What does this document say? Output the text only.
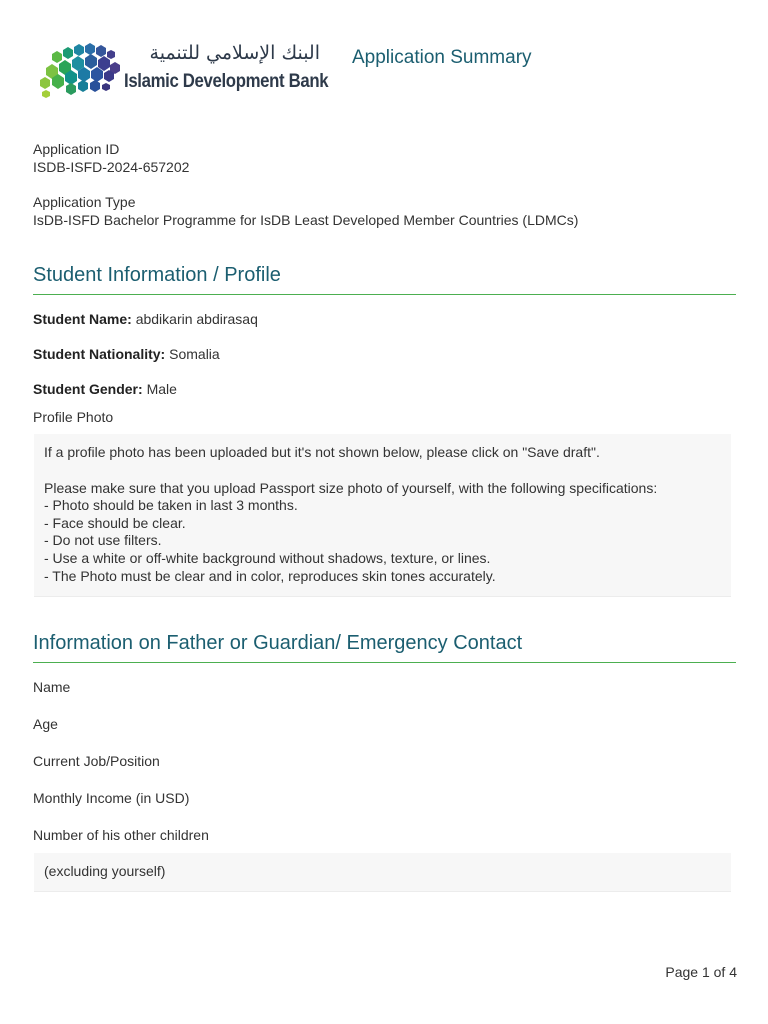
البنك الإسلامي للتنمية
Islamic Development Bank
Application Summary
Application ID
ISDB-ISFD-2024-657202
Application Type
IsDB-ISFD Bachelor Programme for IsDB Least Developed Member Countries (LDMCs)
Student Information / Profile
Student Name: abdikarin abdirasaq
Student Nationality: Somalia
Student Gender: Male
Profile Photo
If a profile photo has been uploaded but it's not shown below, please click on "Save draft".
Please make sure that you upload Passport size photo of yourself, with the following specifications:
- Photo should be taken in last 3 months.
- Face should be clear.
- Do not use filters.
- Use a white or off-white background without shadows, texture, or lines.
- The Photo must be clear and in color, reproduces skin tones accurately.
Information on Father or Guardian/ Emergency Contact
Name
Age
Current Job/Position
Monthly Income (in USD)
Number of his other children
(excluding yourself)
Page 1 of 4
